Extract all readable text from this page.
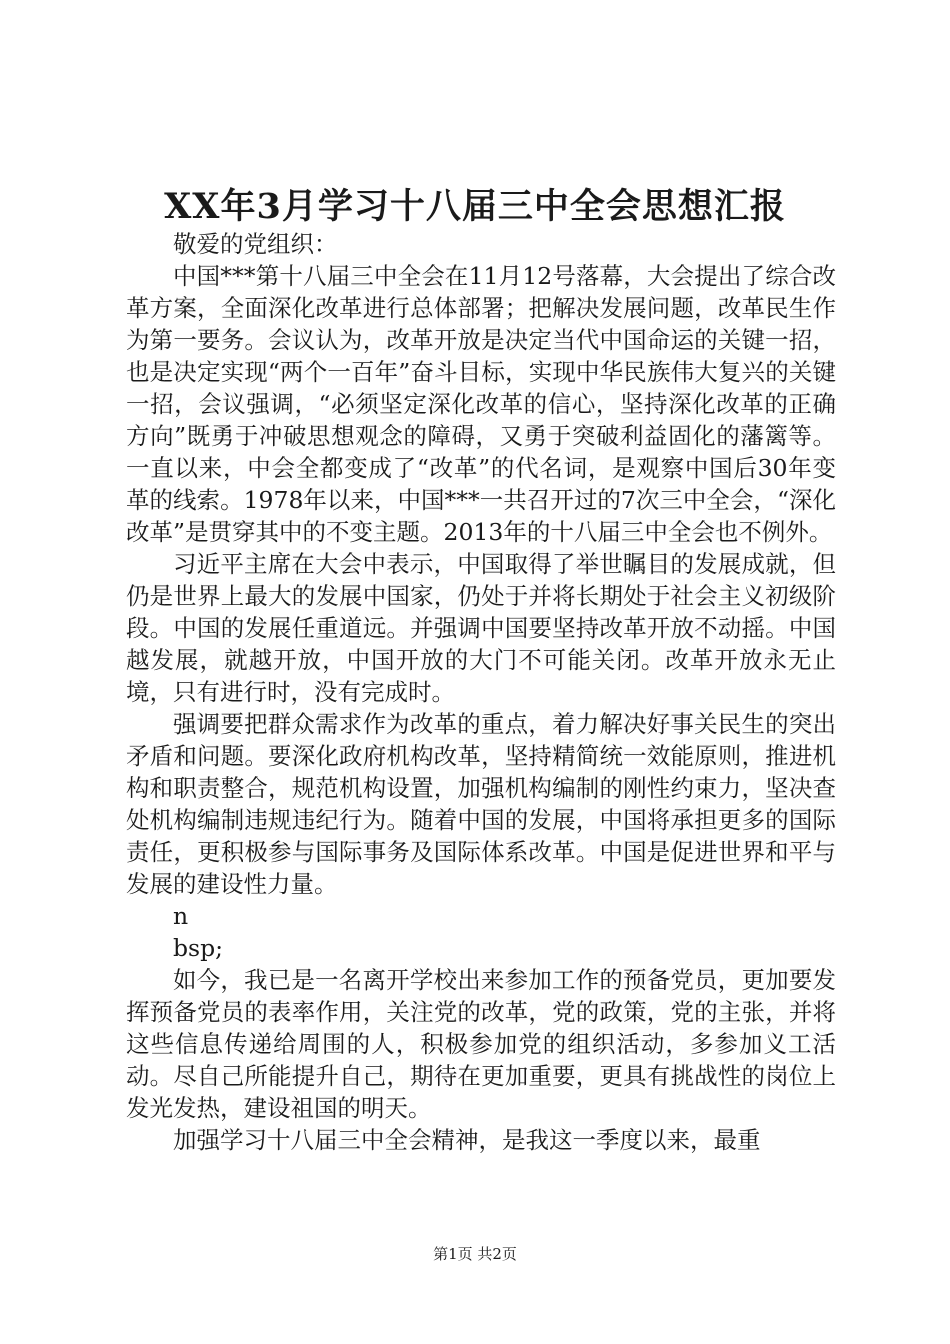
XX年3月学习十八届三中全会思想汇报

敬爱的党组织：

中国***第十八届三中全会在11月12号落幕，大会提出了综合改革方案，全面深化改革进行总体部署；把解决发展问题，改革民生作为第一要务。会议认为，改革开放是决定当代中国命运的关键一招，也是决定实现“两个一百年”奋斗目标，实现中华民族伟大复兴的关键一招，会议强调，“必须坚定深化改革的信心，坚持深化改革的正确方向”既勇于冲破思想观念的障碍，又勇于突破利益固化的藩篱等。一直以来，中会全都变成了“改革”的代名词，是观察中国后30年变革的线索。1978年以来，中国***一共召开过的7次三中全会，“深化改革”是贯穿其中的不变主题。2013年的十八届三中全会也不例外。

习近平主席在大会中表示，中国取得了举世瞩目的发展成就，但仍是世界上最大的发展中国家，仍处于并将长期处于社会主义初级阶段。中国的发展任重道远。并强调中国要坚持改革开放不动摇。中国越发展，就越开放，中国开放的大门不可能关闭。改革开放永无止境，只有进行时，没有完成时。

强调要把群众需求作为改革的重点，着力解决好事关民生的突出矛盾和问题。要深化政府机构改革，坚持精简统一效能原则，推进机构和职责整合，规范机构设置，加强机构编制的刚性约束力，坚决查处机构编制违规违纪行为。随着中国的发展，中国将承担更多的国际责任，更积极参与国际事务及国际体系改革。中国是促进世界和平与发展的建设性力量。

n

bsp;

如今，我已是一名离开学校出来参加工作的预备党员，更加要发挥预备党员的表率作用，关注党的改革，党的政策，党的主张，并将这些信息传递给周围的人，积极参加党的组织活动，多参加义工活动。尽自己所能提升自己，期待在更加重要，更具有挑战性的岗位上发光发热，建设祖国的明天。

加强学习十八届三中全会精神，是我这一季度以来，最重

第1页 共2页
